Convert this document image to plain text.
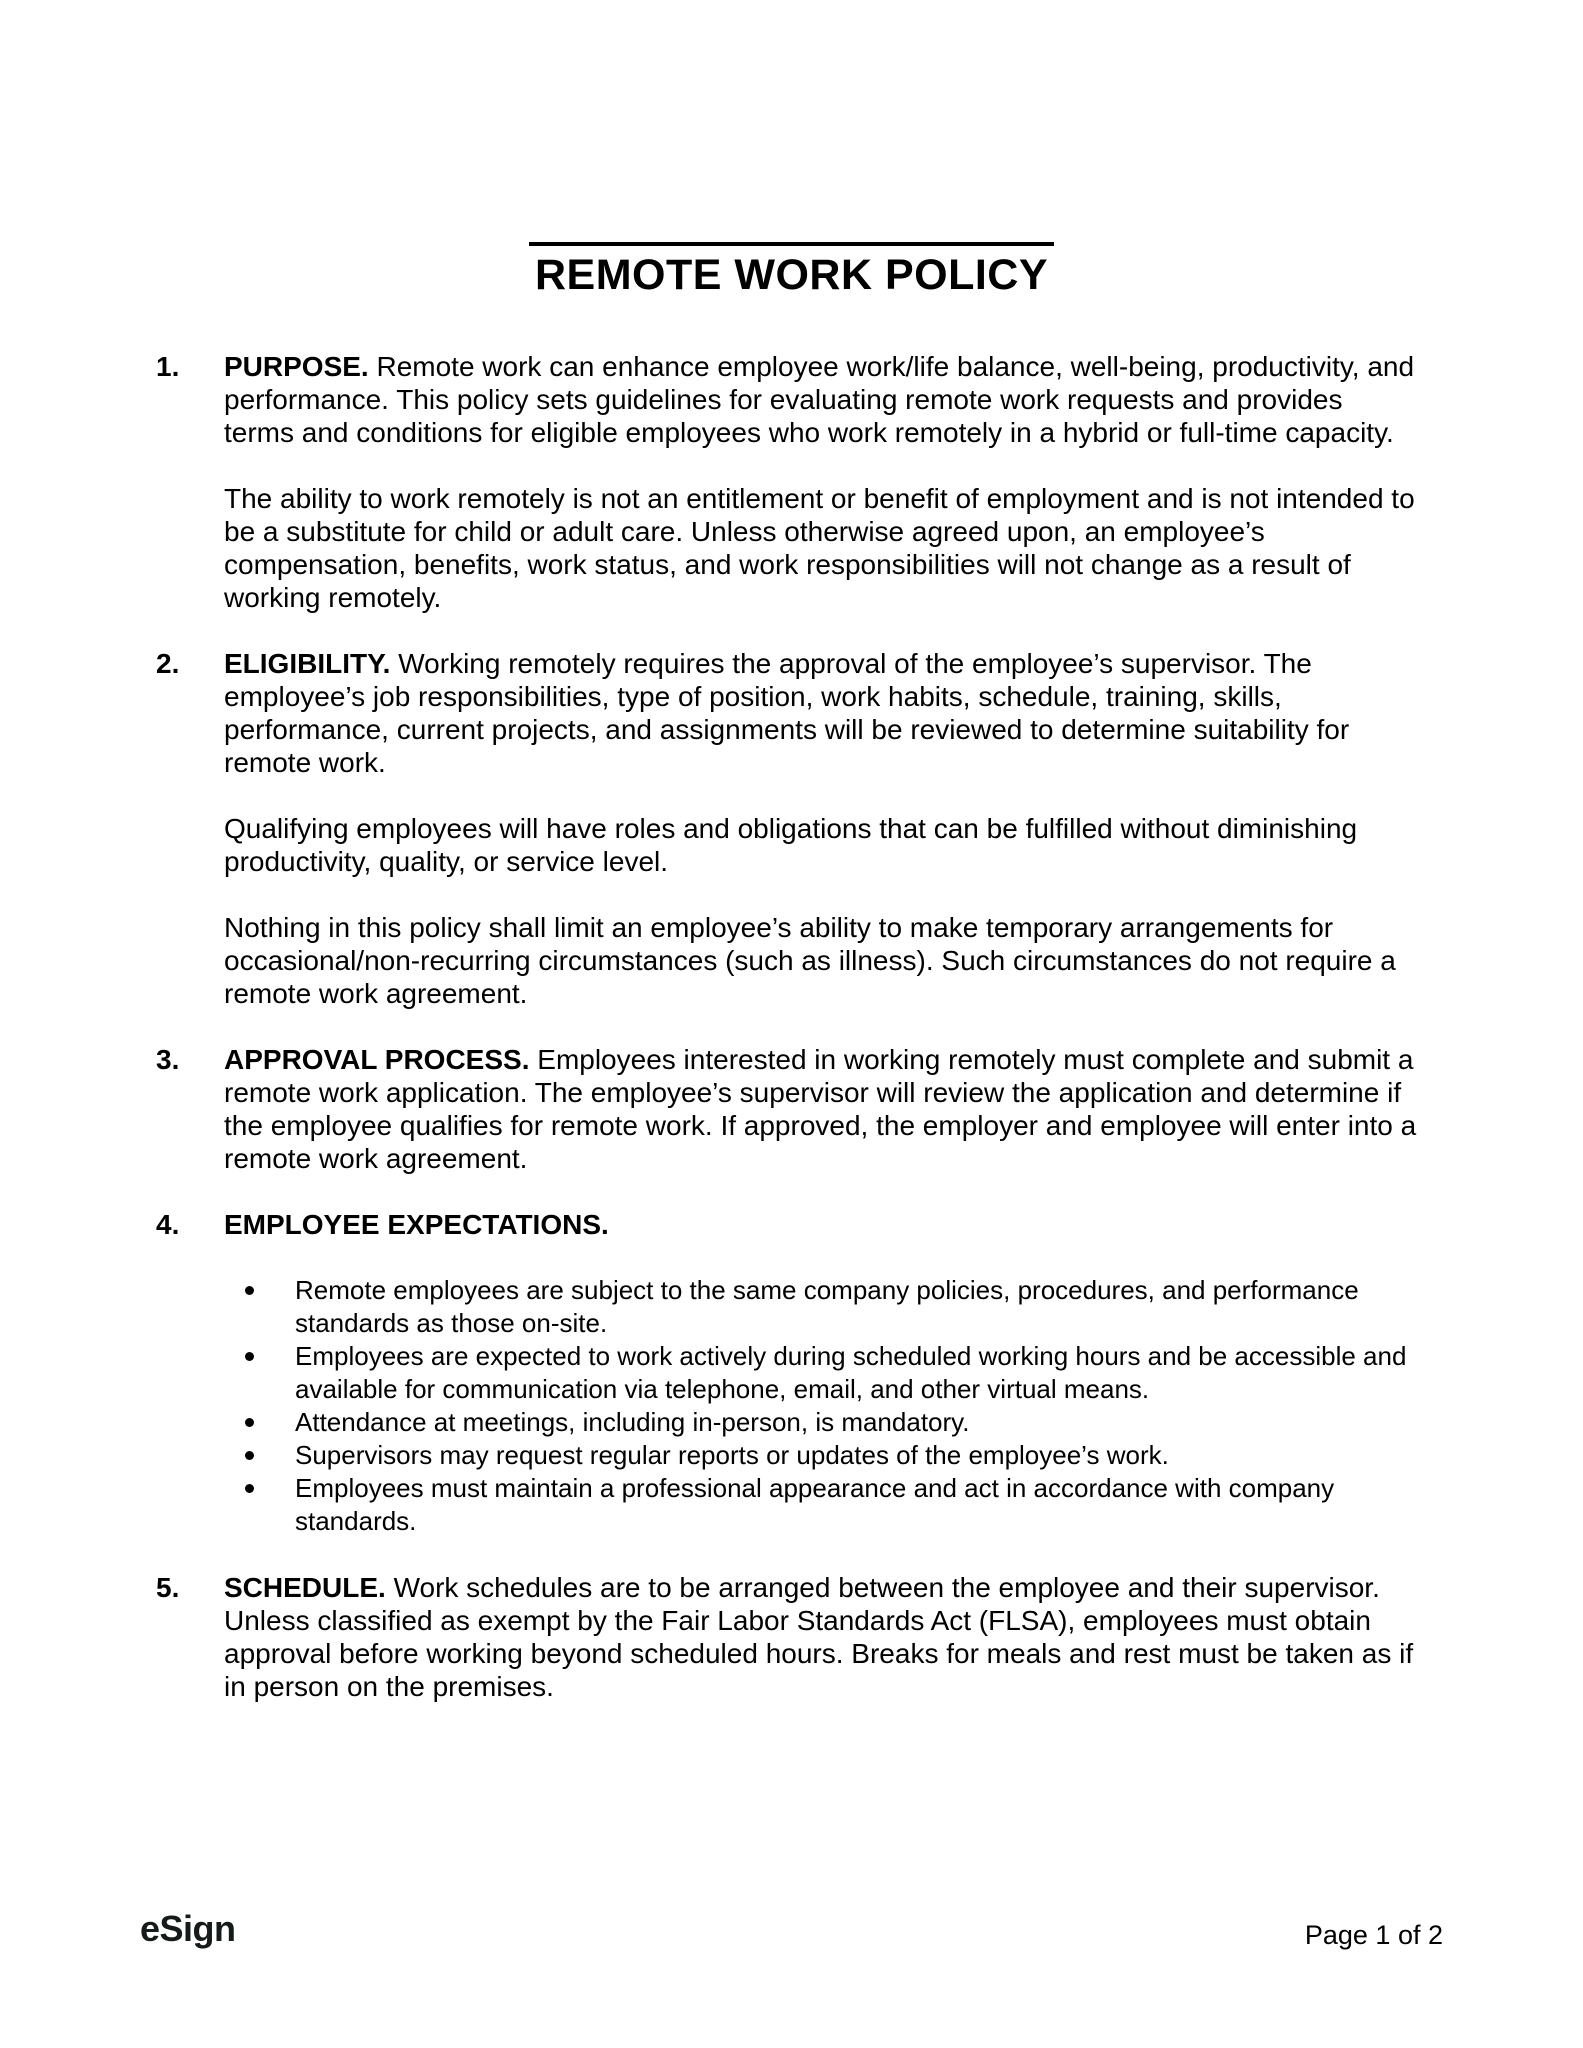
REMOTE WORK POLICY
1.	PURPOSE. Remote work can enhance employee work/life balance, well-being, productivity, and performance. This policy sets guidelines for evaluating remote work requests and provides terms and conditions for eligible employees who work remotely in a hybrid or full-time capacity.

The ability to work remotely is not an entitlement or benefit of employment and is not intended to be a substitute for child or adult care. Unless otherwise agreed upon, an employee’s compensation, benefits, work status, and work responsibilities will not change as a result of working remotely.

2.	ELIGIBILITY. Working remotely requires the approval of the employee’s supervisor. The employee’s job responsibilities, type of position, work habits, schedule, training, skills, performance, current projects, and assignments will be reviewed to determine suitability for remote work.

Qualifying employees will have roles and obligations that can be fulfilled without diminishing productivity, quality, or service level.

Nothing in this policy shall limit an employee’s ability to make temporary arrangements for occasional/non-recurring circumstances (such as illness). Such circumstances do not require a remote work agreement.

3.	APPROVAL PROCESS. Employees interested in working remotely must complete and submit a remote work application. The employee’s supervisor will review the application and determine if the employee qualifies for remote work. If approved, the employer and employee will enter into a remote work agreement.

4.	EMPLOYEE EXPECTATIONS.

Remote employees are subject to the same company policies, procedures, and performance standards as those on-site.
Employees are expected to work actively during scheduled working hours and be accessible and available for communication via telephone, email, and other virtual means.
Attendance at meetings, including in-person, is mandatory.
Supervisors may request regular reports or updates of the employee’s work.
Employees must maintain a professional appearance and act in accordance with company standards.
5.	SCHEDULE. Work schedules are to be arranged between the employee and their supervisor. Unless classified as exempt by the Fair Labor Standards Act (FLSA), employees must obtain approval before working beyond scheduled hours. Breaks for meals and rest must be taken as if in person on the premises.

eSign	Page 1 of 2
